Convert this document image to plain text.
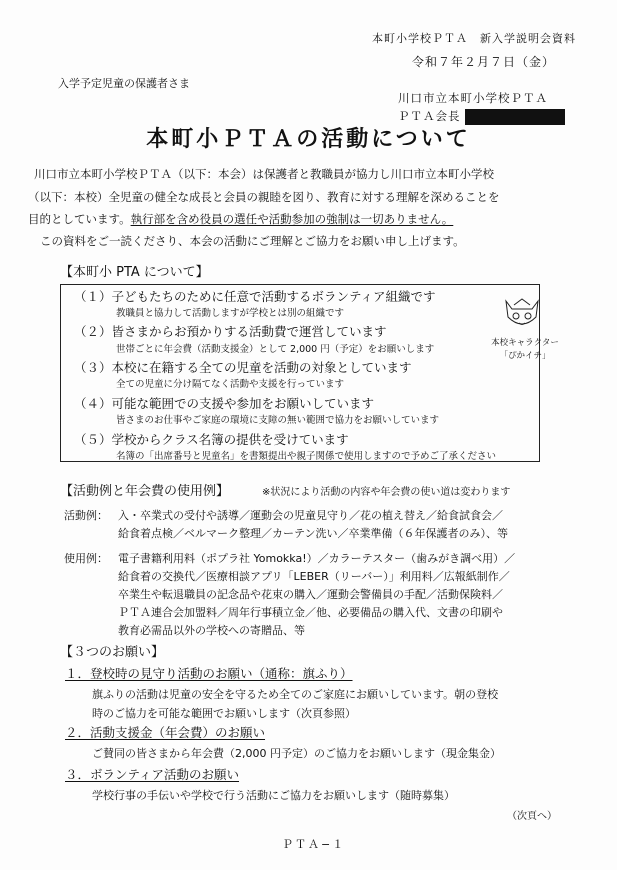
本町小学校ＰＴＡ　新入学説明会資料
令和７年２月７日（金）
入学予定児童の保護者さま
川口市立本町小学校ＰＴＡ
ＰＴＡ会長
本町小ＰＴＡの活動について
川口市立本町小学校ＰＴＡ（以下：本会）は保護者と教職員が協力し川口市立本町小学校
（以下：本校）全児童の健全な成長と会員の親睦を図り、教育に対する理解を深めることを
目的としています。執行部を含め役員の選任や活動参加の強制は一切ありません。
この資料をご一読くださり、本会の活動にご理解とご協力をお願い申し上げます。
【本町小 PTA について】
（１）子どもたちのために任意で活動するボランティア組織です
教職員と協力して活動しますが学校とは別の組織です
（２）皆さまからお預かりする活動費で運営しています
世帯ごとに年会費（活動支援金）として 2,000 円（予定）をお願いします
（３）本校に在籍する全ての児童を活動の対象としています
全ての児童に分け隔てなく活動や支援を行っています
（４）可能な範囲での支援や参加をお願いしています
皆さまのお仕事やご家庭の環境に支障の無い範囲で協力をお願いしています
（５）学校からクラス名簿の提供を受けています
名簿の「出席番号と児童名」を書類提出や親子関係で使用しますので予めご了承ください
本校キャラクター
「ぴかイチ」
【活動例と年会費の使用例】	※状況により活動の内容や年会費の使い道は変わります
活動例： 入・卒業式の受付や誘導／運動会の児童見守り／花の植え替え／給食試食会／
給食着点検／ベルマーク整理／カーテン洗い／卒業準備（６年保護者のみ）、等
使用例： 電子書籍利用料（ポプラ社 Yomokka!）／カラーテスター（歯みがき調べ用）／
給食着の交換代／医療相談アプリ「LEBER（リーバー）」利用料／広報紙制作／
卒業生や転退職員の記念品や花束の購入／運動会警備員の手配／活動保険料／
ＰＴＡ連合会加盟料／周年行事積立金／他、必要備品の購入代、文書の印刷や
教育必需品以外の学校への寄贈品、等
【３つのお願い】
１．登校時の見守り活動のお願い（通称：旗ふり）
旗ふりの活動は児童の安全を守るため全てのご家庭にお願いしています。朝の登校
時のご協力を可能な範囲でお願いします（次頁参照）
２．活動支援金（年会費）のお願い
ご賛同の皆さまから年会費（2,000 円予定）のご協力をお願いします（現金集金）
３．ボランティア活動のお願い
学校行事の手伝いや学校で行う活動にご協力をお願いします（随時募集）
（次頁へ）
ＰＴＡ−１
